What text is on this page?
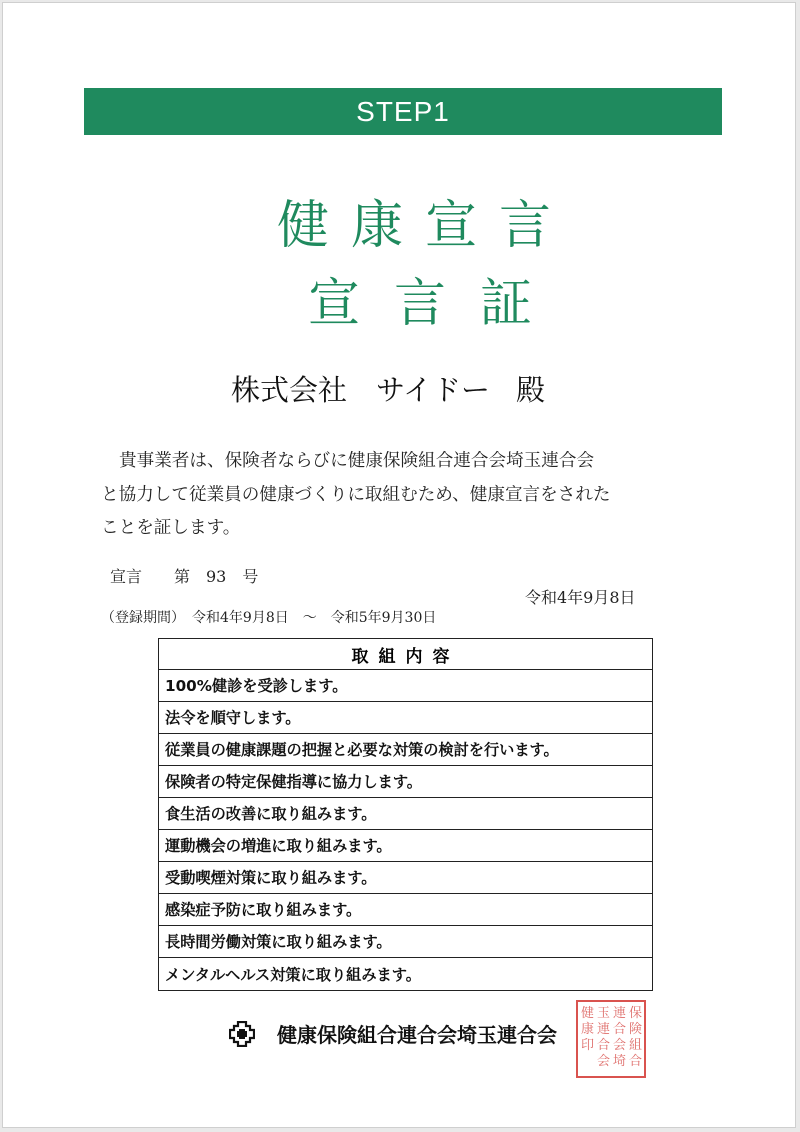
STEP1
健康宣言
宣言証
株式会社　サイドー 殿

貴事業者は、保険者ならびに健康保険組合連合会埼玉連合会

と協力して従業員の健康づくりに取組むため、健康宣言をされた

ことを証します。

宣言　　第　93　号
令和4年9月8日
（登録期間）　令和4年9月8日　～　令和5年9月30日
取組内容
100%健診を受診します。
法令を順守します。
従業員の健康課題の把握と必要な対策の検討を行います。
保険者の特定保健指導に協力します。
食生活の改善に取り組みます。
運動機会の増進に取り組みます。
受動喫煙対策に取り組みます。
感染症予防に取り組みます。
長時間労働対策に取り組みます。
メンタルヘルス対策に取り組みます。
健康保険組合連合会埼玉連合会
保
険
組
合
連
合
会
埼
玉
連
合
会
健
康
印
